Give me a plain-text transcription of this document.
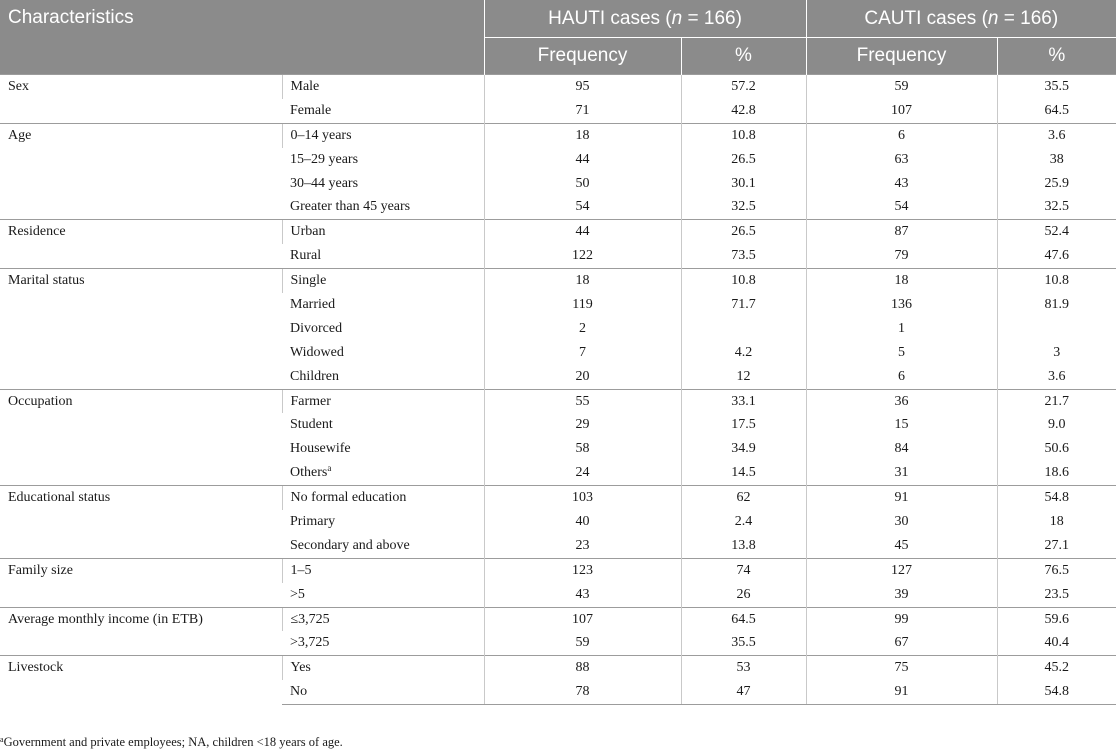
Characteristics		HAUTI cases (n = 166)		CAUTI cases (n = 166)	
		Frequency	%	Frequency	%
Sex	Male	95	57.2	59	35.5
	Female	71	42.8	107	64.5
Age	0–14 years	18	10.8	6	3.6
	15–29 years	44	26.5	63	38
	30–44 years	50	30.1	43	25.9
	Greater than 45 years	54	32.5	54	32.5
Residence	Urban	44	26.5	87	52.4
	Rural	122	73.5	79	47.6
Marital status	Single	18	10.8	18	10.8
	Married	119	71.7	136	81.9
	Divorced	2		1	
	Widowed	7	4.2	5	3
	Children	20	12	6	3.6
Occupation	Farmer	55	33.1	36	21.7
	Student	29	17.5	15	9.0
	Housewife	58	34.9	84	50.6
	Others$^a$	24	14.5	31	18.6
Educational status	No formal education	103	62	91	54.8
	Primary	40	2.4	30	18
	Secondary and above	23	13.8	45	27.1
Family size	1–5	123	74	127	76.5
	>5	43	26	39	23.5
Average monthly income (in ETB)	≤3,725	107	64.5	99	59.6
	>3,725	59	35.5	67	40.4
Livestock	Yes	88	53	75	45.2
	No	78	47	91	54.8
$^a$Government and private employees; NA, children <18 years of age.
